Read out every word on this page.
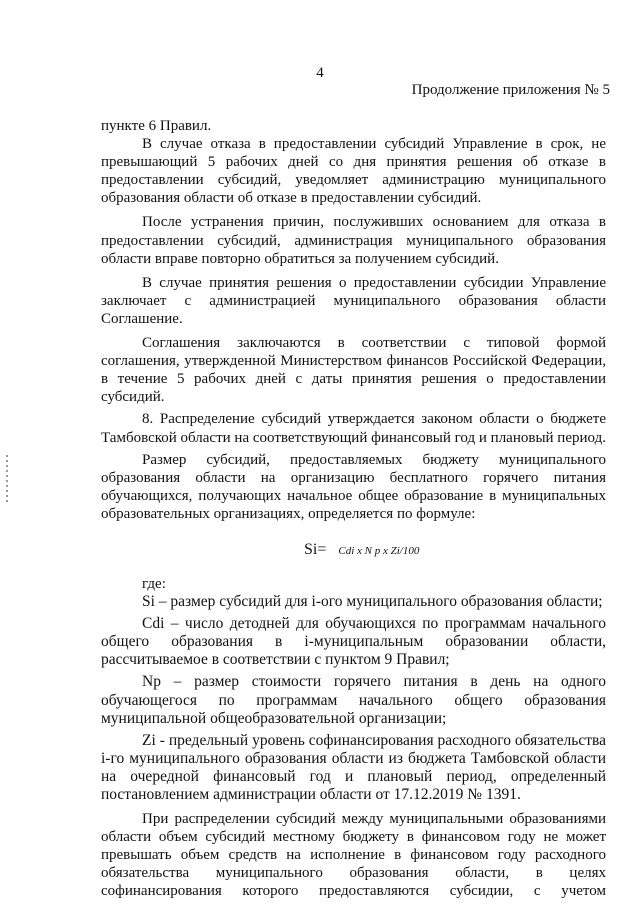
4
Продолжение приложения № 5

пункте 6 Правил.

В случае отказа в предоставлении субсидий Управление в срок, не превышающий 5 рабочих дней со дня принятия решения об отказе в предоставлении субсидий, уведомляет администрацию муниципального образования области об отказе в предоставлении субсидий.

После устранения причин, послуживших основанием для отказа в предоставлении субсидий, администрация муниципального образования области вправе повторно обратиться за получением субсидий.

В случае принятия решения о предоставлении субсидии Управление заключает с администрацией муниципального образования области Соглашение.

Соглашения заключаются в соответствии с типовой формой соглашения, утвержденной Министерством финансов Российской Федерации, в течение 5 рабочих дней с даты принятия решения о предоставлении субсидий.

8. Распределение субсидий утверждается законом области о бюджете Тамбовской области на соответствующий финансовый год и плановый период.

Размер субсидий, предоставляемых бюджету муниципального образования области на организацию бесплатного горячего питания обучающихся, получающих начальное общее образование в муниципальных образовательных организациях, определяется по формуле:

Si= Cdi x N p x Zi/100

где:

Si – размер субсидий для i-ого муниципального образования области;

Cdi – число детодней для обучающихся по программам начального общего образования в i-муниципальным образовании области, рассчитываемое в соответствии с пунктом 9 Правил;

Np – размер стоимости горячего питания в день на одного обучающегося по программам начального общего образования муниципальной общеобразовательной организации;

Zi - предельный уровень софинансирования расходного обязательства i-го муниципального образования области из бюджета Тамбовской области на очередной финансовый год и плановый период, определенный постановлением администрации области от 17.12.2019 № 1391.

При распределении субсидий между муниципальными образованиями области объем субсидий местному бюджету в финансовом году не может превышать объем средств на исполнение в финансовом году расходного обязательства муниципального образования области, в целях софинансирования которого предоставляются субсидии, с учетом
